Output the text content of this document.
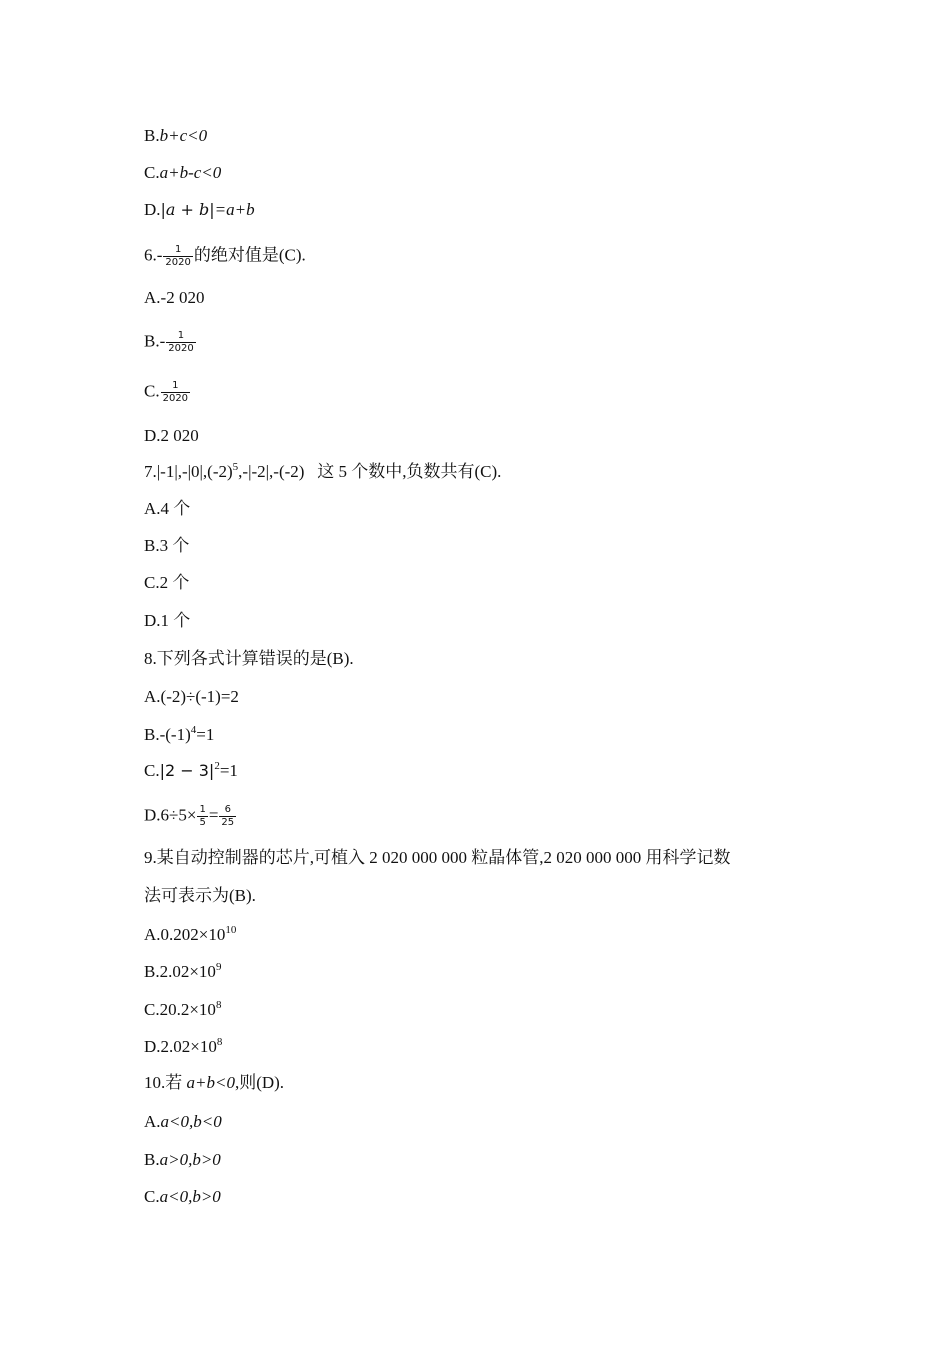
B.b+c<0
C.a+b-c<0
D.|a + b|=a+b
$6.- \frac{1}{2020}$ 的绝对值是(C).
A.-2 020
$B.- \frac{1}{2020}$
C. $\frac{1}{2020}$
D.2 020
$7.|-1|,-|0|,(-2)^5,-|-2|,-(-2)$   这 5 个数中,负数共有(C).
A.4 个
B.3 个
C.2 个
D.1 个
8.下列各式计算错误的是(B).
A.(-2)÷(-1)=2
$B.-(-1)^4=1$
$C.|2 - 3|^2=1$
$D.6\div 5\times \frac{1}{5} = \frac{6}{25}$
9.某自动控制器的芯片,可植入 2 020 000 000 粒晶体管,2 020 000 000 用科学记数
法可表示为(B).
$A.0.202\times 10^{10}$
$B.2.02\times 10^9$
$C.20.2\times 10^8$
$D.2.02\times 10^8$
10.若 a+b<0,则(D).
A.a<0,b<0
B.a>0,b>0
C.a<0,b>0
